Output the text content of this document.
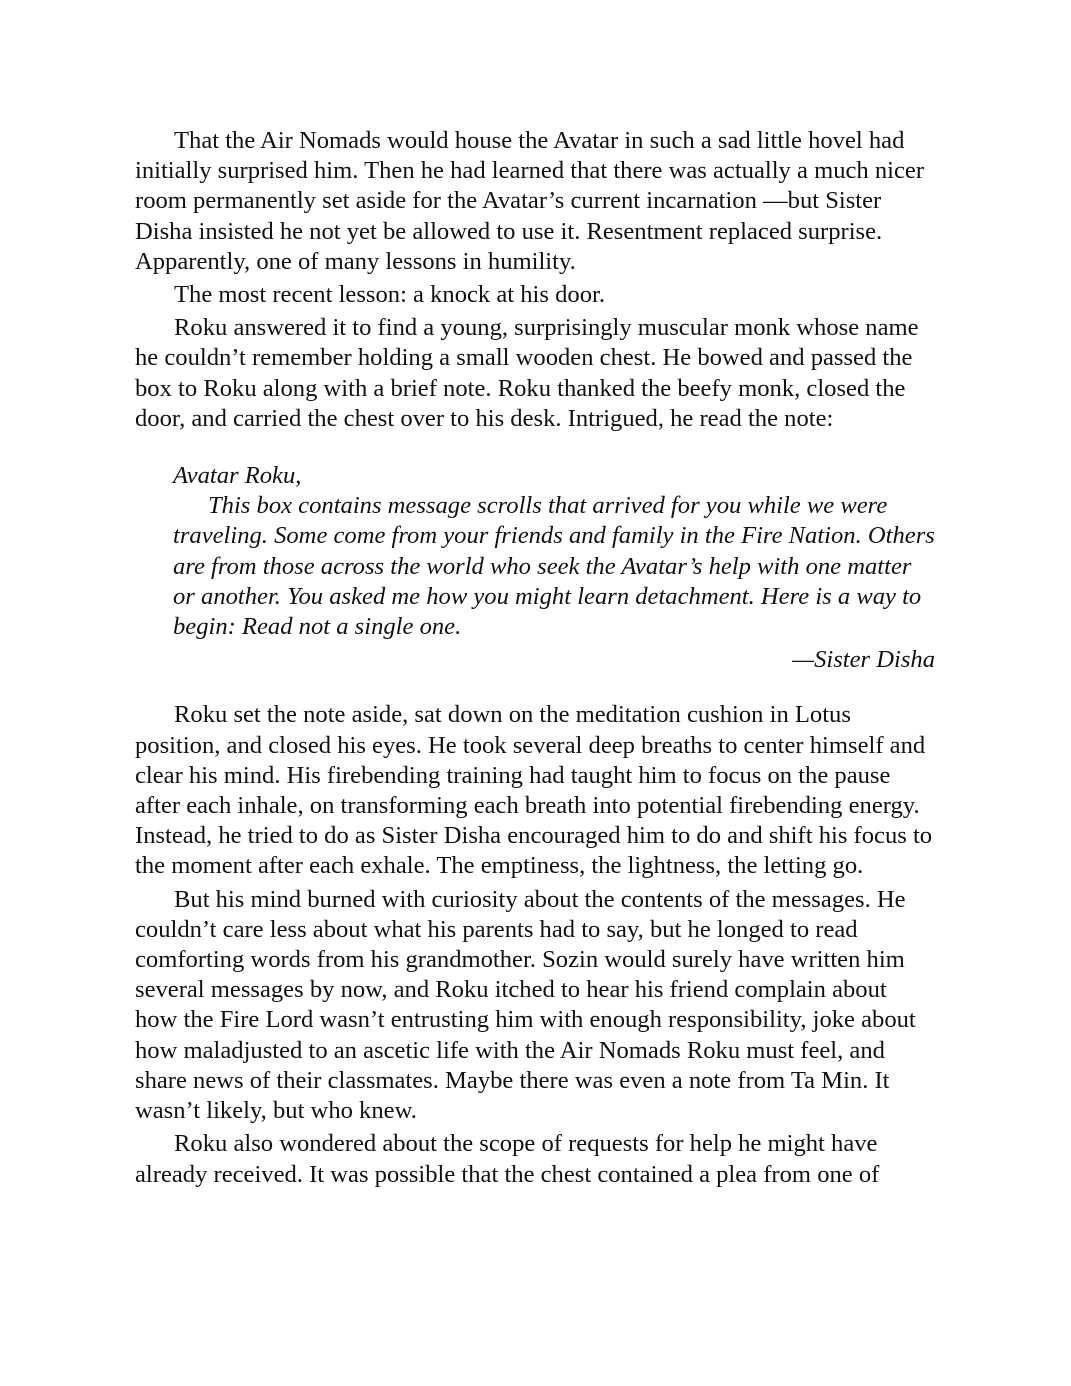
That the Air Nomads would house the Avatar in such a sad little hovel had initially surprised him. Then he had learned that there was actually a much nicer room permanently set aside for the Avatar’s current incarnation —but Sister Disha insisted he not yet be allowed to use it. Resentment replaced surprise. Apparently, one of many lessons in humility.

The most recent lesson: a knock at his door.

Roku answered it to find a young, surprisingly muscular monk whose name he couldn’t remember holding a small wooden chest. He bowed and passed the box to Roku along with a brief note. Roku thanked the beefy monk, closed the door, and carried the chest over to his desk. Intrigued, he read the note:

Avatar Roku,

This box contains message scrolls that arrived for you while we were traveling. Some come from your friends and family in the Fire Nation. Others are from those across the world who seek the Avatar’s help with one matter or another. You asked me how you might learn detachment. Here is a way to begin: Read not a single one.

—Sister Disha

Roku set the note aside, sat down on the meditation cushion in Lotus position, and closed his eyes. He took several deep breaths to center himself and clear his mind. His firebending training had taught him to focus on the pause after each inhale, on transforming each breath into potential firebending energy. Instead, he tried to do as Sister Disha encouraged him to do and shift his focus to the moment after each exhale. The emptiness, the lightness, the letting go.

But his mind burned with curiosity about the contents of the messages. He couldn’t care less about what his parents had to say, but he longed to read comforting words from his grandmother. Sozin would surely have written him several messages by now, and Roku itched to hear his friend complain about how the Fire Lord wasn’t entrusting him with enough responsibility, joke about how maladjusted to an ascetic life with the Air Nomads Roku must feel, and share news of their classmates. Maybe there was even a note from Ta Min. It wasn’t likely, but who knew.

Roku also wondered about the scope of requests for help he might have already received. It was possible that the chest contained a plea from one of
